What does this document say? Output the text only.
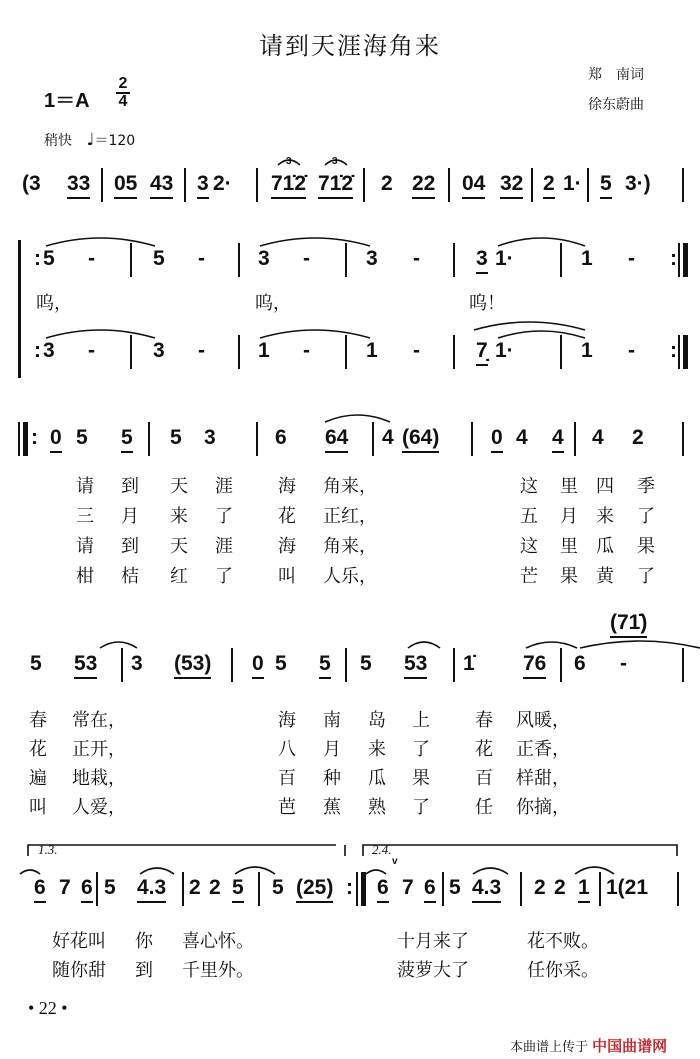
请到天涯海角来
郑　南词
徐东蔚曲
$1=A \frac{2}{4}$
稍快 ♩＝120
(3 33 05 43 3 2· 71̇2̇ 71̇2̇ 2 22 04 32 2 1· 5 3·)
3	3
: 5 -	5 -	3 -	3 -	3 1·	1 - :
呜，	呜，	呜！
: 3 -	3 -	1 -	1 -	7̣ 1·	1 - :
: 0 5 5 5 3	6 64 4 (64) 0 4 4 4 2
请 到 天 涯	海 角来，	这 里 四 季
三 月 来 了	花 正红，	五 月 来 了
请 到 天 涯	海 角来，	这 里 瓜 果
柑 桔 红 了	叫 人乐，	芒 果 黄 了
(71̇)
5 53 3 (53) 0 5 5 5 53 1̇ 76 6 -
春 常在，	海 南 岛 上	春 风暖，
花 正开，	八 月 来 了	花 正香，
遍 地栽，	百 种 瓜 果	百 样甜，
叫 人爱，	芭 蕉 熟 了	任 你摘，
1.3.	2.4.
v
6 7 6 5 4.3 2 2 5 5 (25) : 6 7 6 5 4.3 2 2 1 1(21
好花叫 你 喜心怀。	十月来了	花不败。
随你甜 到 千里外。	菠萝大了	任你采。
• 22 •
本曲谱上传于 中国曲谱网
